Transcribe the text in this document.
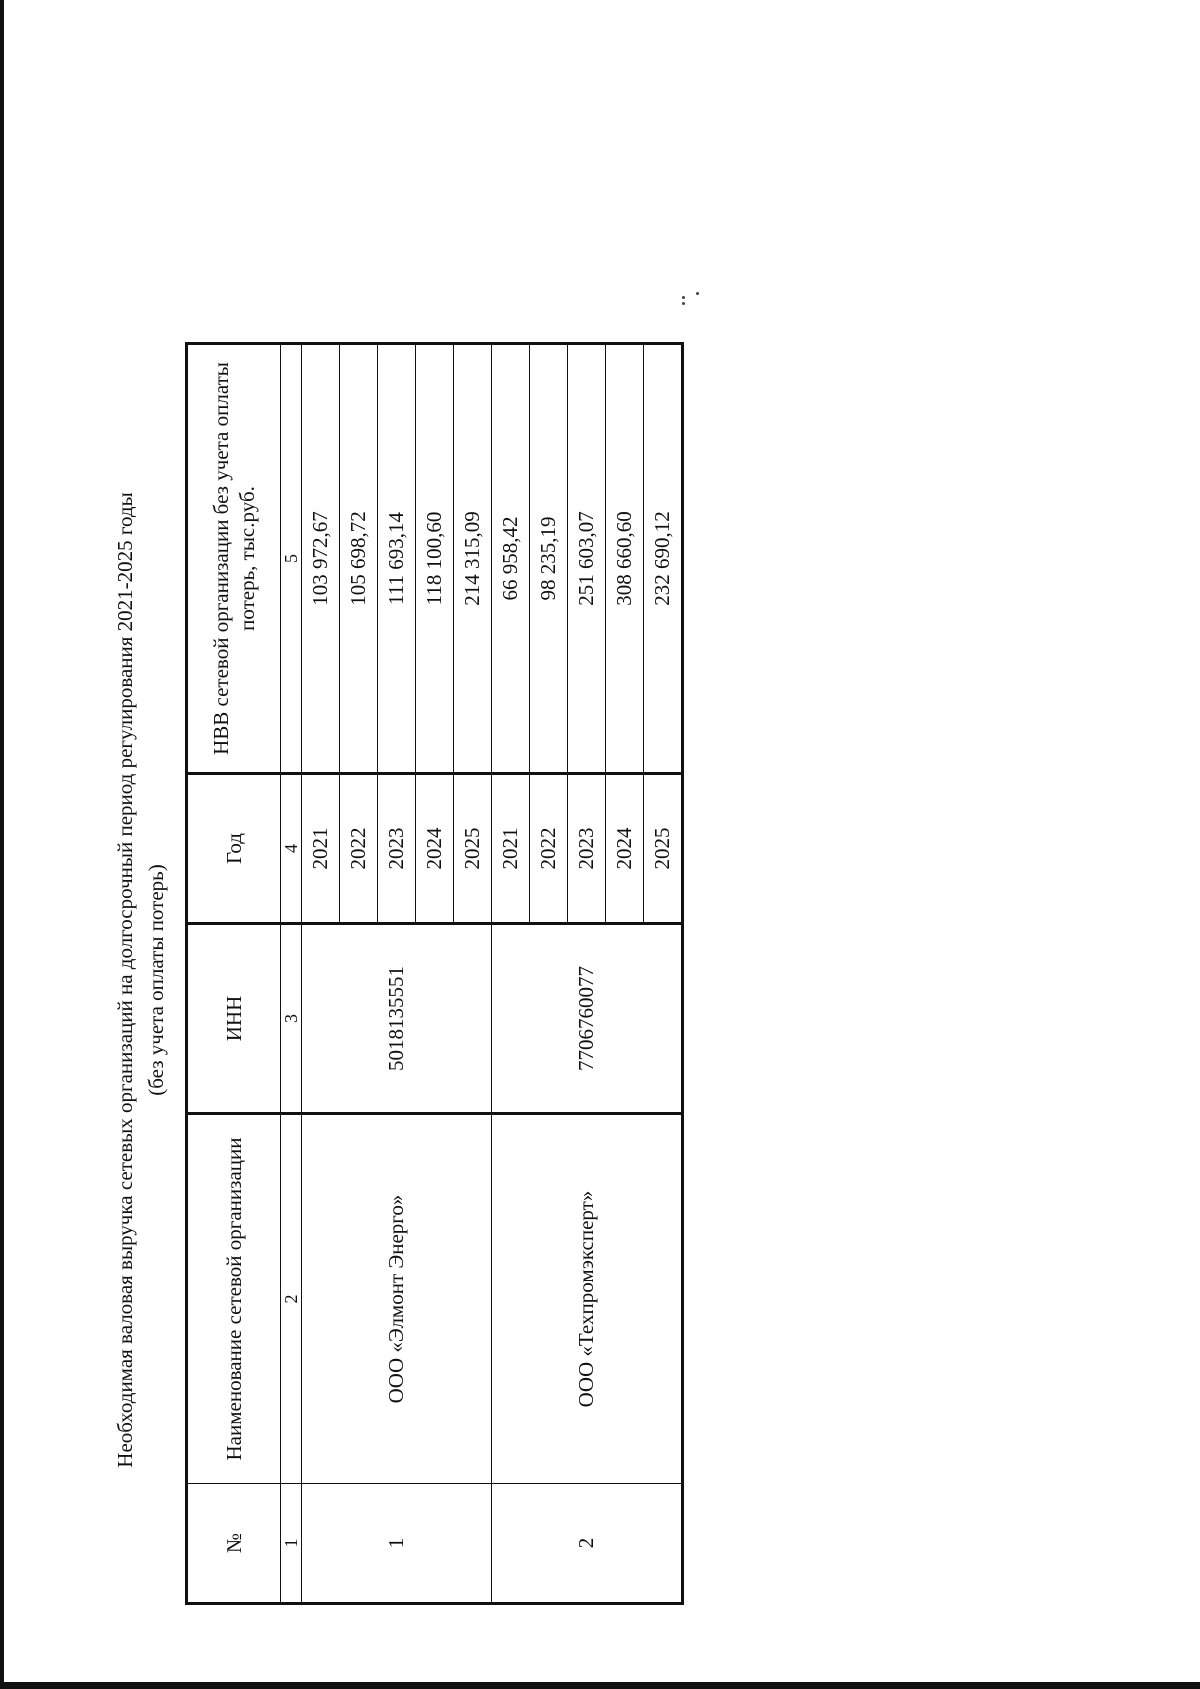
Необходимая валовая выручка сетевых организаций на долгосрочный период регулирования 2021-2025 годы (без учета оплаты потерь)
№	Наименование сетевой организации	ИНН	Год	НВВ сетевой организации без учета оплаты потерь, тыс.руб.
1	2	3	4	5
1	ООО «Элмонт Энерго»	5018135551	2021	103 972,67
			2022	105 698,72
			2023	111 693,14
			2024	118 100,60
			2025	214 315,09
2	ООО «Техпромэксперт»	7706760077	2021	66 958,42
			2022	98 235,19
			2023	251 603,07
			2024	308 660,60
			2025	232 690,12
